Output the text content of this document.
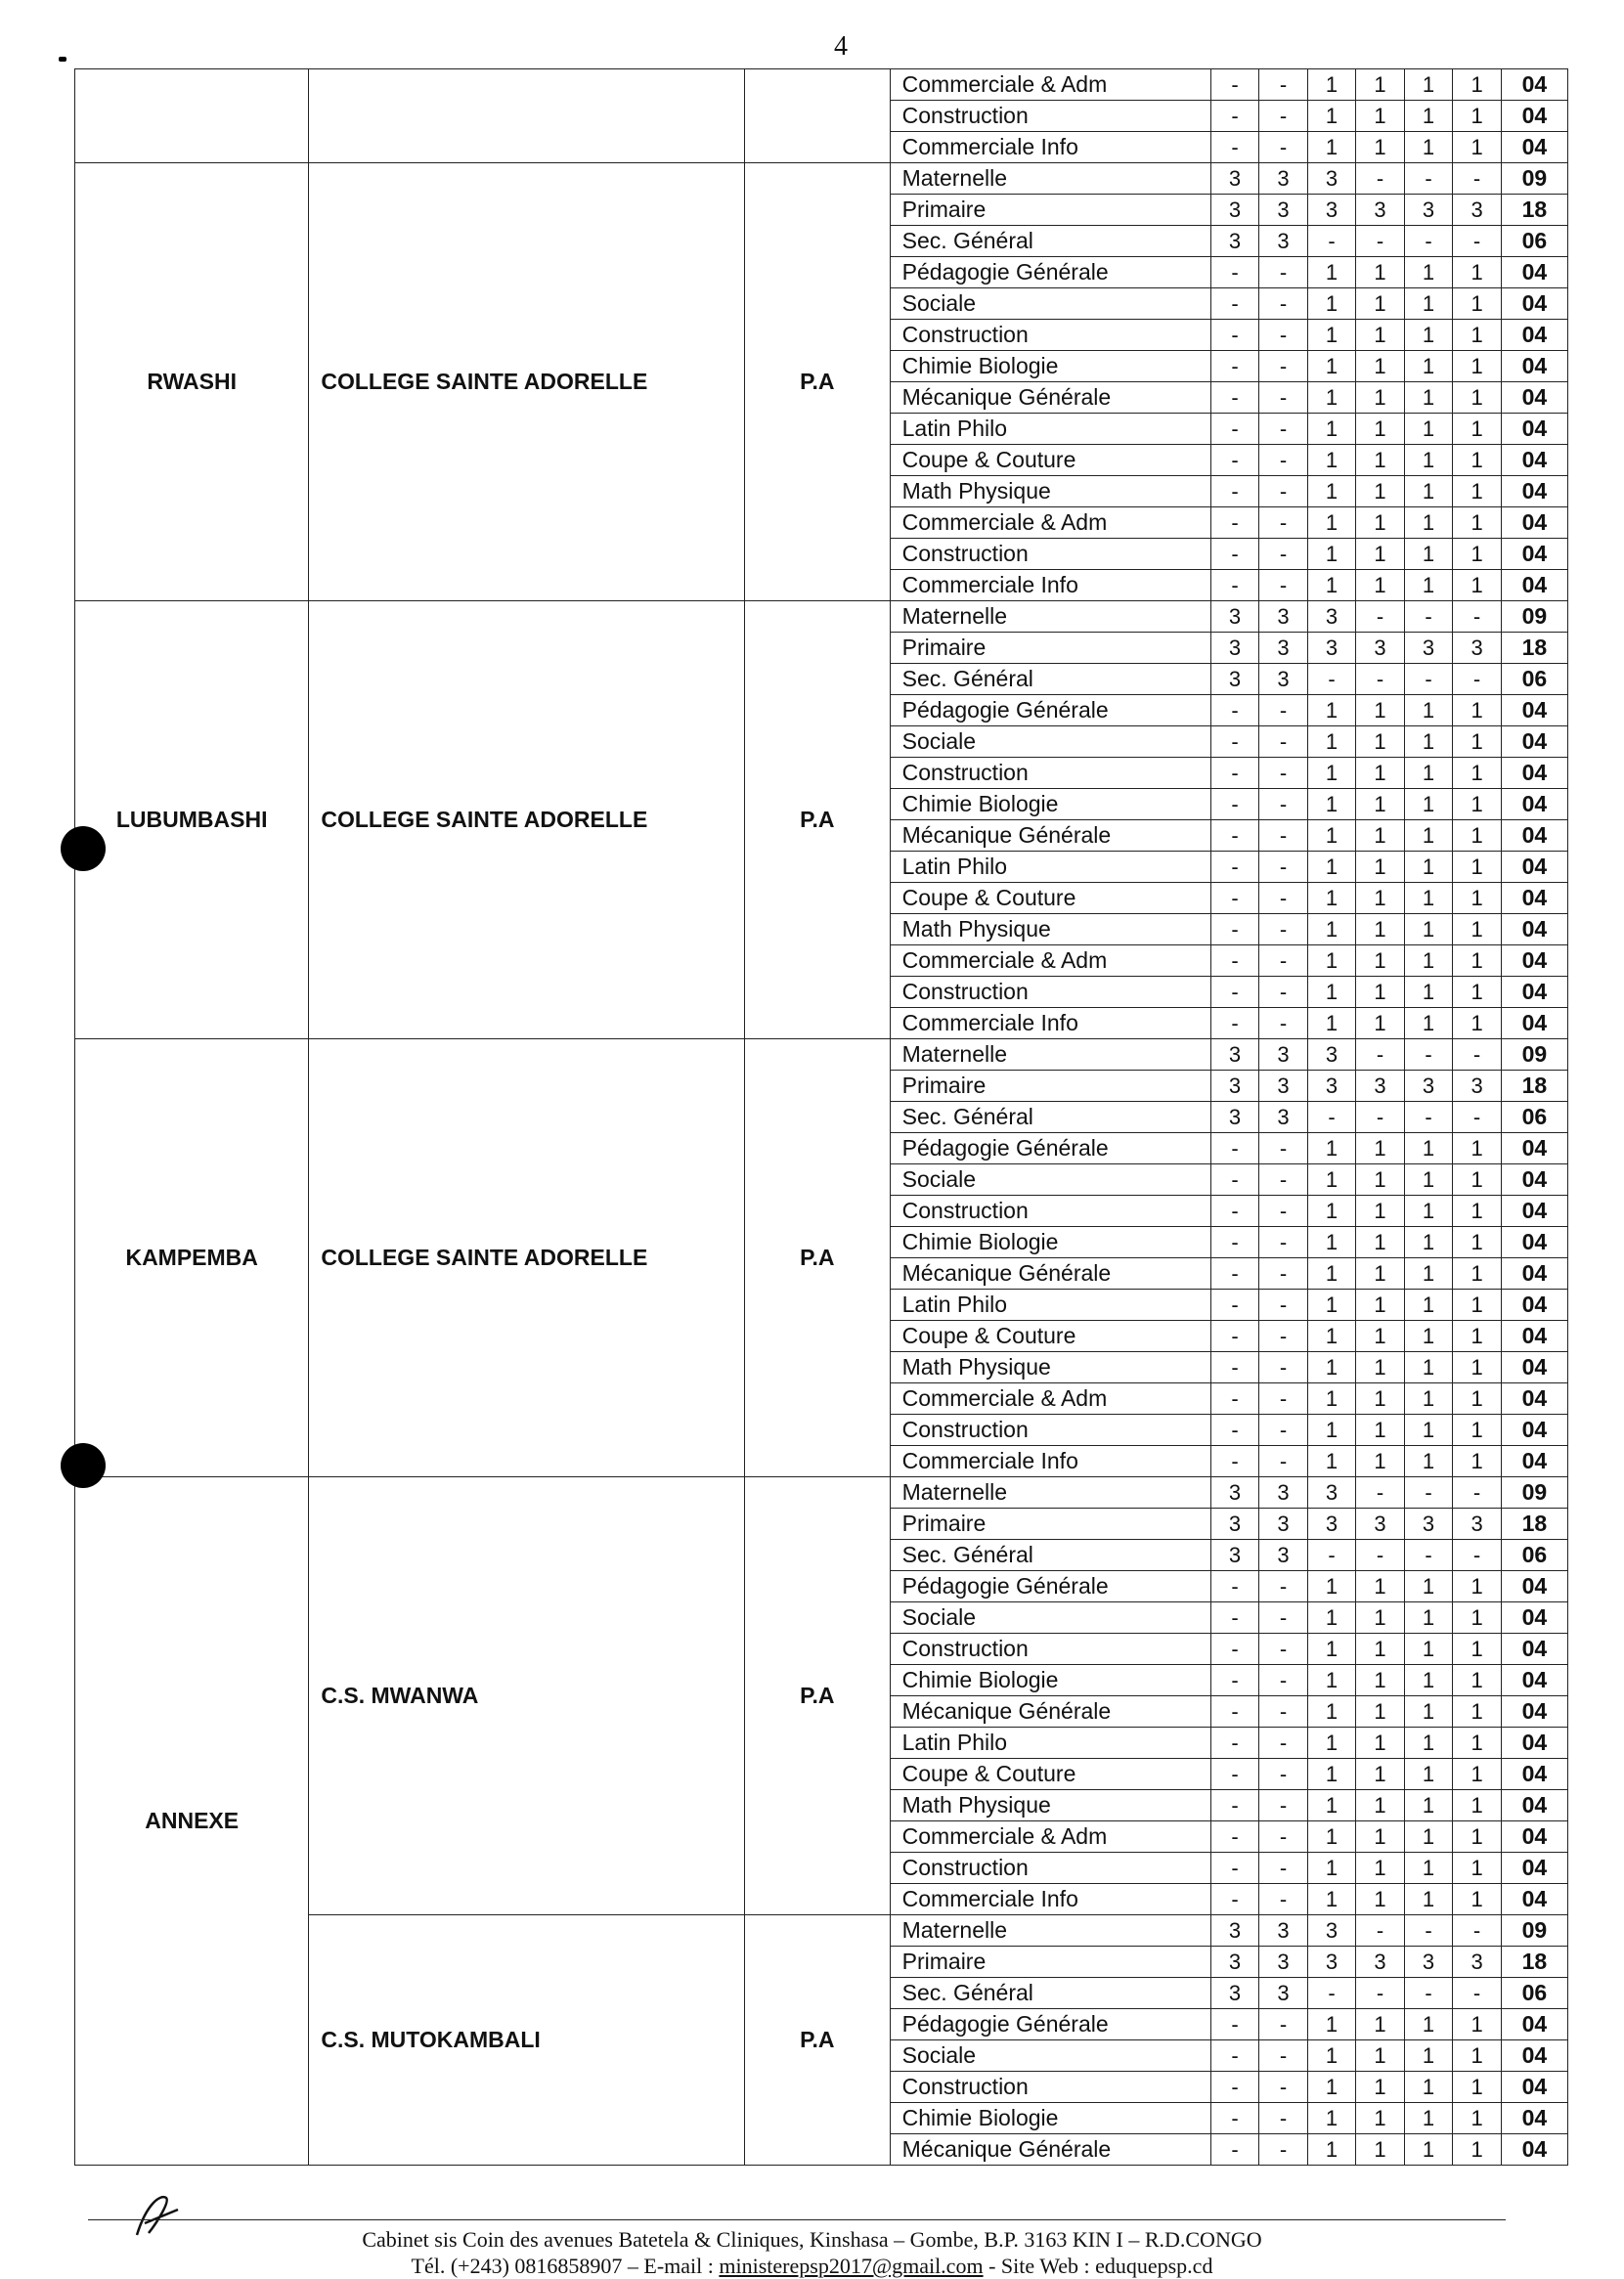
4
			Commerciale & Adm	-	-	1	1	1	1	04
			Construction	-	-	1	1	1	1	04
			Commerciale Info	-	-	1	1	1	1	04
RWASHI	COLLEGE SAINTE ADORELLE	P.A	Maternelle	3	3	3	-	-	-	09
			Primaire	3	3	3	3	3	3	18
			Sec. Général	3	3	-	-	-	-	06
			Pédagogie Générale	-	-	1	1	1	1	04
			Sociale	-	-	1	1	1	1	04
			Construction	-	-	1	1	1	1	04
			Chimie Biologie	-	-	1	1	1	1	04
			Mécanique Générale	-	-	1	1	1	1	04
			Latin Philo	-	-	1	1	1	1	04
			Coupe & Couture	-	-	1	1	1	1	04
			Math Physique	-	-	1	1	1	1	04
			Commerciale & Adm	-	-	1	1	1	1	04
			Construction	-	-	1	1	1	1	04
			Commerciale Info	-	-	1	1	1	1	04
LUBUMBASHI	COLLEGE SAINTE ADORELLE	P.A	Maternelle	3	3	3	-	-	-	09
			Primaire	3	3	3	3	3	3	18
			Sec. Général	3	3	-	-	-	-	06
			Pédagogie Générale	-	-	1	1	1	1	04
			Sociale	-	-	1	1	1	1	04
			Construction	-	-	1	1	1	1	04
			Chimie Biologie	-	-	1	1	1	1	04
			Mécanique Générale	-	-	1	1	1	1	04
			Latin Philo	-	-	1	1	1	1	04
			Coupe & Couture	-	-	1	1	1	1	04
			Math Physique	-	-	1	1	1	1	04
			Commerciale & Adm	-	-	1	1	1	1	04
			Construction	-	-	1	1	1	1	04
			Commerciale Info	-	-	1	1	1	1	04
KAMPEMBA	COLLEGE SAINTE ADORELLE	P.A	Maternelle	3	3	3	-	-	-	09
			Primaire	3	3	3	3	3	3	18
			Sec. Général	3	3	-	-	-	-	06
			Pédagogie Générale	-	-	1	1	1	1	04
			Sociale	-	-	1	1	1	1	04
			Construction	-	-	1	1	1	1	04
			Chimie Biologie	-	-	1	1	1	1	04
			Mécanique Générale	-	-	1	1	1	1	04
			Latin Philo	-	-	1	1	1	1	04
			Coupe & Couture	-	-	1	1	1	1	04
			Math Physique	-	-	1	1	1	1	04
			Commerciale & Adm	-	-	1	1	1	1	04
			Construction	-	-	1	1	1	1	04
			Commerciale Info	-	-	1	1	1	1	04
ANNEXE	C.S. MWANWA	P.A	Maternelle	3	3	3	-	-	-	09
			Primaire	3	3	3	3	3	3	18
			Sec. Général	3	3	-	-	-	-	06
			Pédagogie Générale	-	-	1	1	1	1	04
			Sociale	-	-	1	1	1	1	04
			Construction	-	-	1	1	1	1	04
			Chimie Biologie	-	-	1	1	1	1	04
			Mécanique Générale	-	-	1	1	1	1	04
			Latin Philo	-	-	1	1	1	1	04
			Coupe & Couture	-	-	1	1	1	1	04
			Math Physique	-	-	1	1	1	1	04
			Commerciale & Adm	-	-	1	1	1	1	04
			Construction	-	-	1	1	1	1	04
			Commerciale Info	-	-	1	1	1	1	04
	C.S. MUTOKAMBALI	P.A	Maternelle	3	3	3	-	-	-	09
			Primaire	3	3	3	3	3	3	18
			Sec. Général	3	3	-	-	-	-	06
			Pédagogie Générale	-	-	1	1	1	1	04
			Sociale	-	-	1	1	1	1	04
			Construction	-	-	1	1	1	1	04
			Chimie Biologie	-	-	1	1	1	1	04
			Mécanique Générale	-	-	1	1	1	1	04
Cabinet sis Coin des avenues Batetela & Cliniques, Kinshasa – Gombe, B.P. 3163 KIN I – R.D.CONGO
Tél. (+243) 0816858907 – E-mail : ministerepsp2017@gmail.com - Site Web : eduquepsp.cd
